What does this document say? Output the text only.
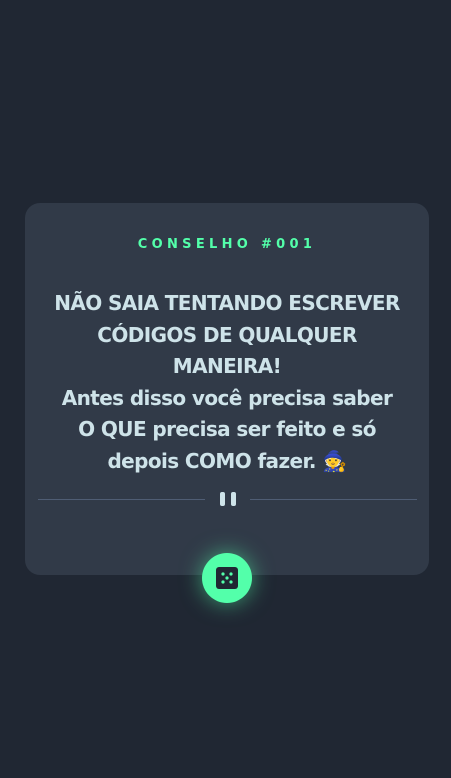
CONSELHO #001

NÃO SAIA TENTANDO ESCREVER
CÓDIGOS DE QUALQUER
MANEIRA!
Antes disso você precisa saber
O QUE precisa ser feito e só
depois COMO fazer. 🧙
